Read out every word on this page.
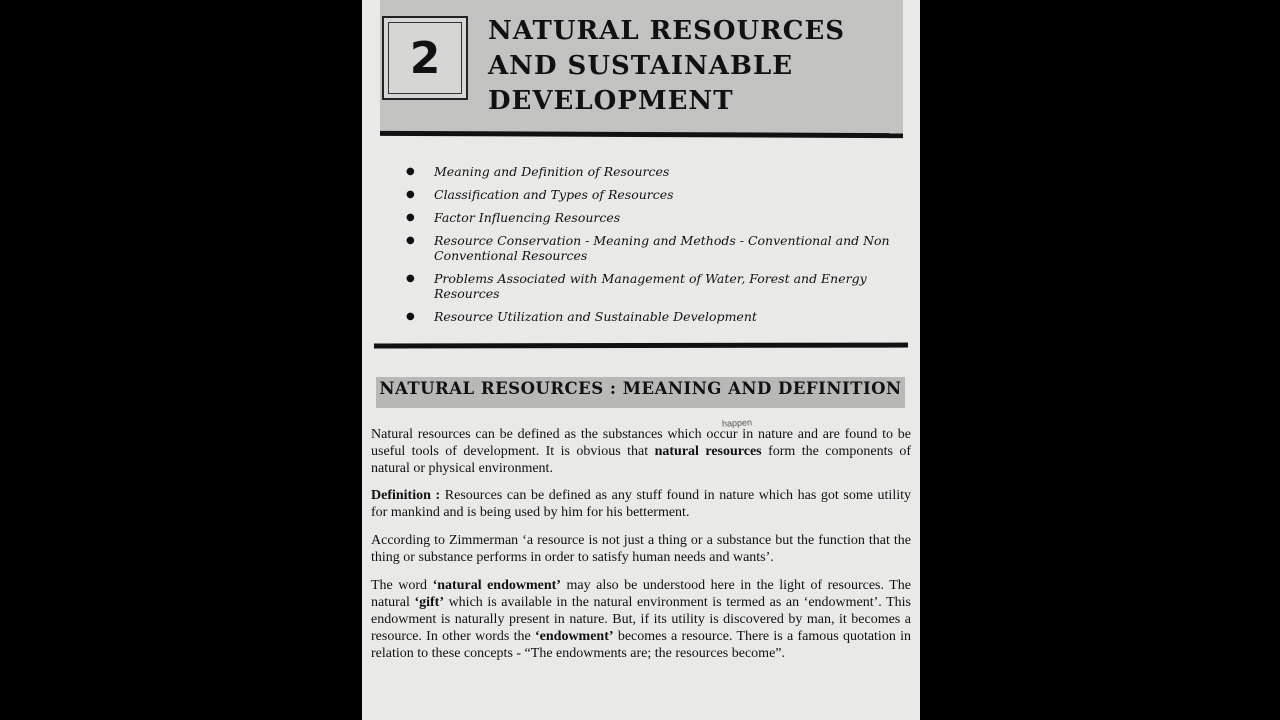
2
NATURAL RESOURCES
AND SUSTAINABLE
DEVELOPMENT
● Meaning and Definition of Resources
● Classification and Types of Resources
● Factor Influencing Resources
● Resource Conservation - Meaning and Methods - Conventional and Non Conventional Resources
● Problems Associated with Management of Water, Forest and Energy Resources
● Resource Utilization and Sustainable Development
NATURAL RESOURCES : MEANING AND DEFINITION
happen

Natural resources can be defined as the substances which occur in nature and are found to be useful tools of development. It is obvious that natural resources form the components of natural or physical environment.

Definition : Resources can be defined as any stuff found in nature which has got some utility for mankind and is being used by him for his betterment.

According to Zimmerman ‘a resource is not just a thing or a substance but the function that the thing or substance performs in order to satisfy human needs and wants’.

The word ‘natural endowment’ may also be understood here in the light of resources. The natural ‘gift’ which is available in the natural environment is termed as an ‘endowment’. This endowment is naturally present in nature. But, if its utility is discovered by man, it becomes a resource. In other words the ‘endowment’ becomes a resource. There is a famous quotation in relation to these concepts - “The endowments are; the resources become”.
